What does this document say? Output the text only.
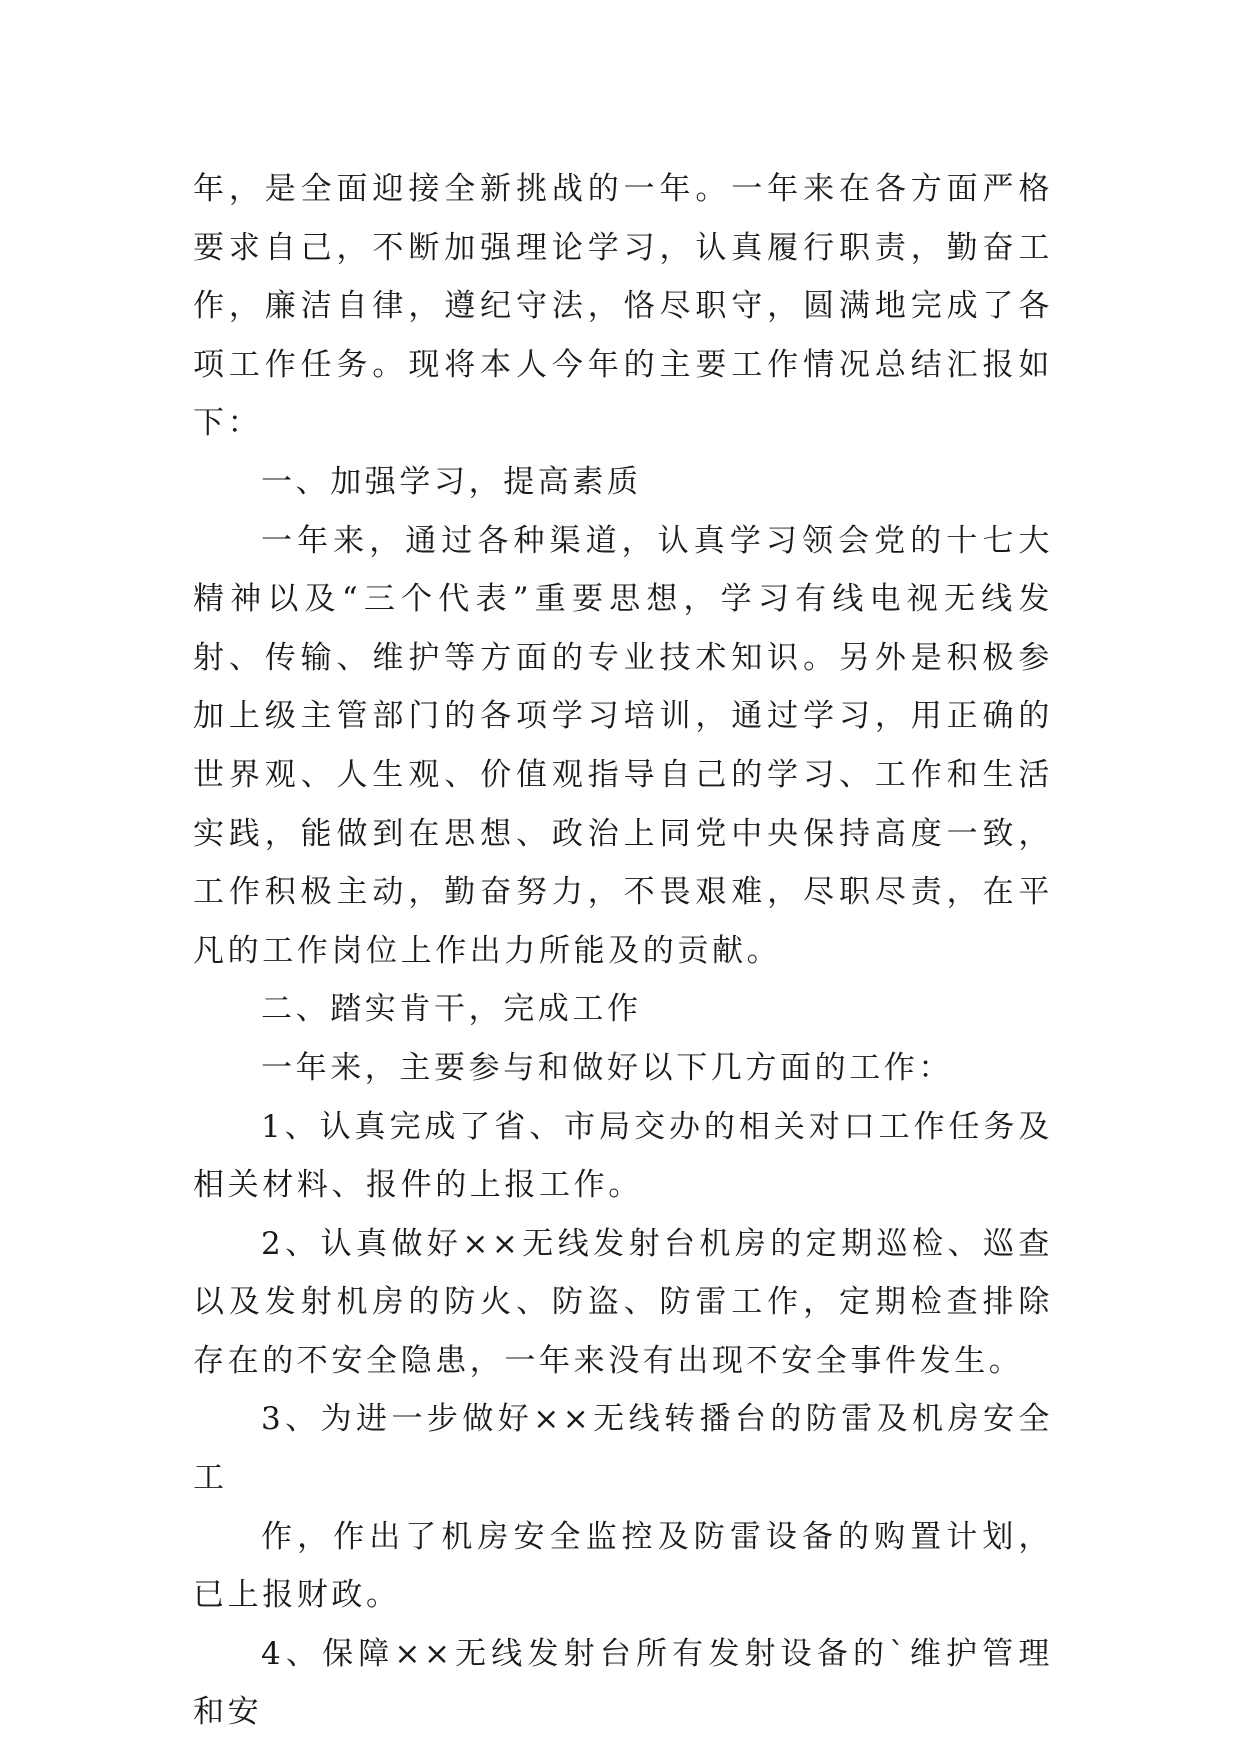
年，是全面迎接全新挑战的一年。一年来在各方面严格要求自己，不断加强理论学习，认真履行职责，勤奋工作，廉洁自律，遵纪守法，恪尽职守，圆满地完成了各项工作任务。现将本人今年的主要工作情况总结汇报如下：

一、加强学习，提高素质

一年来，通过各种渠道，认真学习领会党的十七大精神以及“三个代表”重要思想，学习有线电视无线发射、传输、维护等方面的专业技术知识。另外是积极参加上级主管部门的各项学习培训，通过学习，用正确的世界观、人生观、价值观指导自己的学习、工作和生活实践，能做到在思想、政治上同党中央保持高度一致，工作积极主动，勤奋努力，不畏艰难，尽职尽责，在平凡的工作岗位上作出力所能及的贡献。

二、踏实肯干，完成工作

一年来，主要参与和做好以下几方面的工作：

1、认真完成了省、市局交办的相关对口工作任务及相关材料、报件的上报工作。

2、认真做好××无线发射台机房的定期巡检、巡查以及发射机房的防火、防盗、防雷工作，定期检查排除存在的不安全隐患，一年来没有出现不安全事件发生。

3、为进一步做好××无线转播台的防雷及机房安全工

作，作出了机房安全监控及防雷设备的购置计划，已上报财政。

4、保障××无线发射台所有发射设备的`维护管理和安
